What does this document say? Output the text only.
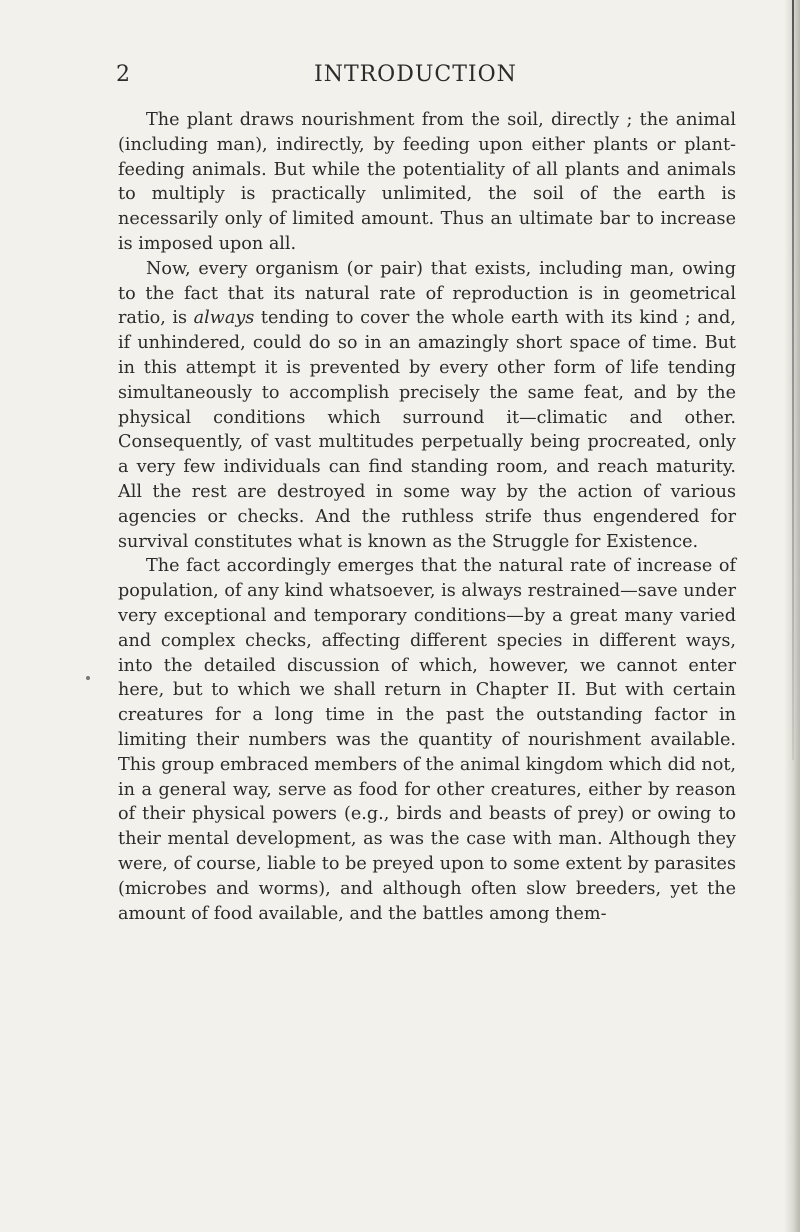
2	INTRODUCTION

The plant draws nourishment from the soil, directly ; the animal (including man), indirectly, by feeding upon either plants or plant-feeding animals. But while the potentiality of all plants and animals to multiply is practically unlimited, the soil of the earth is necessarily only of limited amount. Thus an ultimate bar to increase is imposed upon all.

Now, every organism (or pair) that exists, including man, owing to the fact that its natural rate of reproduction is in geometrical ratio, is always tending to cover the whole earth with its kind ; and, if unhindered, could do so in an amazingly short space of time. But in this attempt it is prevented by every other form of life tending simultaneously to accomplish precisely the same feat, and by the physical conditions which surround it—climatic and other. Consequently, of vast multitudes perpetually being procreated, only a very few individuals can find standing room, and reach maturity. All the rest are destroyed in some way by the action of various agencies or checks. And the ruthless strife thus engendered for survival constitutes what is known as the Struggle for Existence.

The fact accordingly emerges that the natural rate of increase of population, of any kind whatsoever, is always restrained—save under very exceptional and temporary conditions—by a great many varied and complex checks, affecting different species in different ways, into the detailed discussion of which, however, we cannot enter here, but to which we shall return in Chapter II. But with certain creatures for a long time in the past the outstanding factor in limiting their numbers was the quantity of nourishment available. This group embraced members of the animal kingdom which did not, in a general way, serve as food for other creatures, either by reason of their physical powers (e.g., birds and beasts of prey) or owing to their mental development, as was the case with man. Although they were, of course, liable to be preyed upon to some extent by parasites (microbes and worms), and although often slow breeders, yet the amount of food available, and the battles among them-
